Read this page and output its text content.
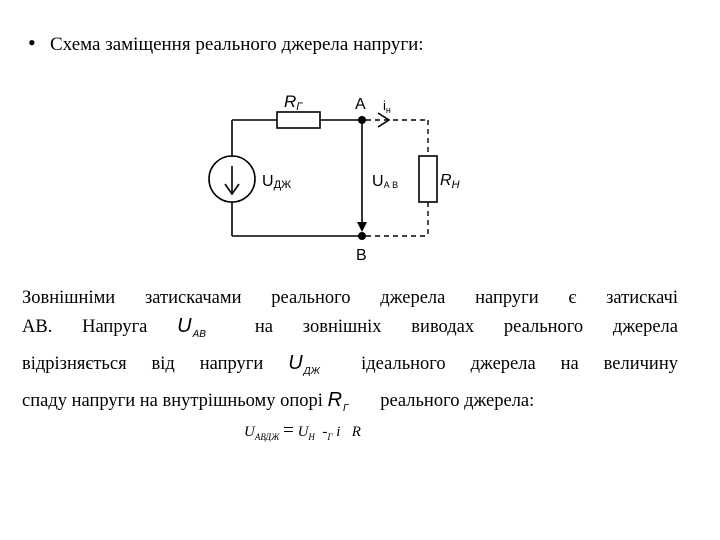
• Схема заміщення реального джерела напруги:
RГ	A $i_н$
UДЖ	UА В	RН
B
Зовнішніми затискачами реального джерела напруги є затискачі
АВ. Напруга $U_{АВ}$	на зовнішніх виводах реального джерела
відрізняється від напруги $U_{ДЖ}$ ідеального джерела на величину
спаду напруги на внутрішньому опорі $R_Г$ реального джерела:
$U_{АВДЖ} = U_Н$ $-_Г$ i R
